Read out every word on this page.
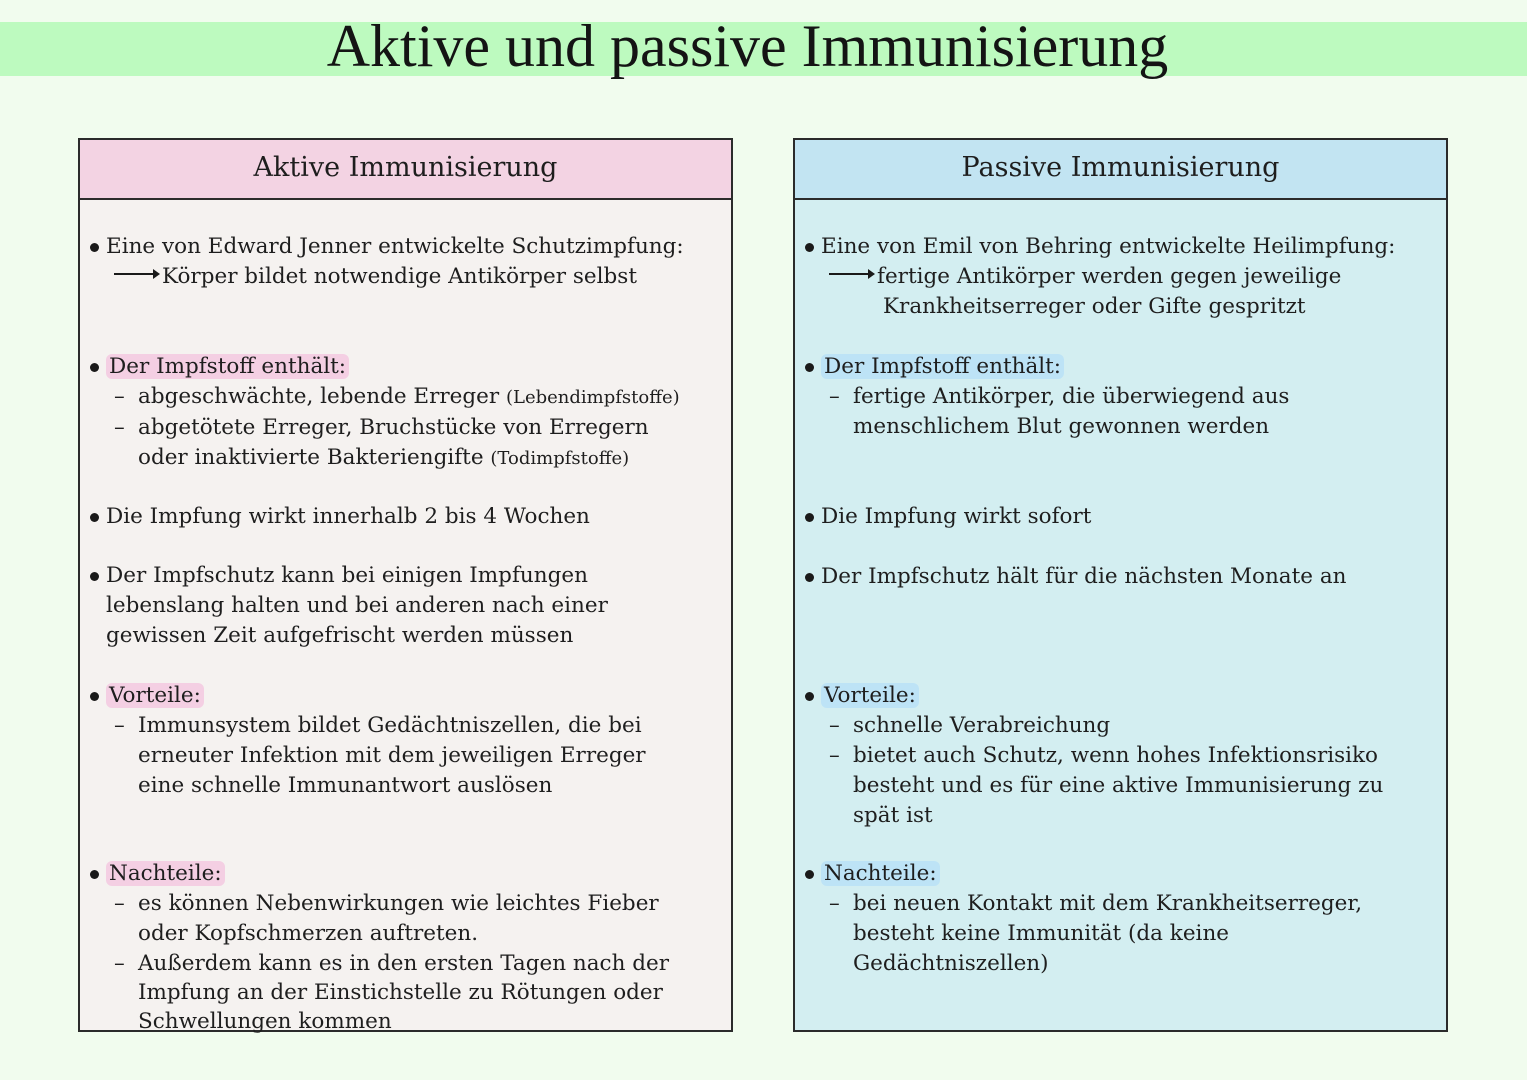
Aktive und passive Immunisierung
Aktive Immunisierung
Eine von Edward Jenner entwickelte Schutzimpfung:
Körper bildet notwendige Antikörper selbst
Der Impfstoff enthält:
– abgeschwächte, lebende Erreger (Lebendimpfstoffe)
– abgetötete Erreger, Bruchstücke von Erregern
oder inaktivierte Bakteriengifte (Todimpfstoffe)
Die Impfung wirkt innerhalb 2 bis 4 Wochen
Der Impfschutz kann bei einigen Impfungen
lebenslang halten und bei anderen nach einer
gewissen Zeit aufgefrischt werden müssen
Vorteile:
– Immunsystem bildet Gedächtniszellen, die bei
erneuter Infektion mit dem jeweiligen Erreger
eine schnelle Immunantwort auslösen
Nachteile:
– es können Nebenwirkungen wie leichtes Fieber
oder Kopfschmerzen auftreten.
– Außerdem kann es in den ersten Tagen nach der
Impfung an der Einstichstelle zu Rötungen oder
Schwellungen kommen
Passive Immunisierung
Eine von Emil von Behring entwickelte Heilimpfung:
fertige Antikörper werden gegen jeweilige
Krankheitserreger oder Gifte gespritzt
Der Impfstoff enthält:
– fertige Antikörper, die überwiegend aus
menschlichem Blut gewonnen werden
Die Impfung wirkt sofort
Der Impfschutz hält für die nächsten Monate an
Vorteile:
– schnelle Verabreichung
– bietet auch Schutz, wenn hohes Infektionsrisiko
besteht und es für eine aktive Immunisierung zu
spät ist
Nachteile:
– bei neuen Kontakt mit dem Krankheitserreger,
besteht keine Immunität (da keine
Gedächtniszellen)
